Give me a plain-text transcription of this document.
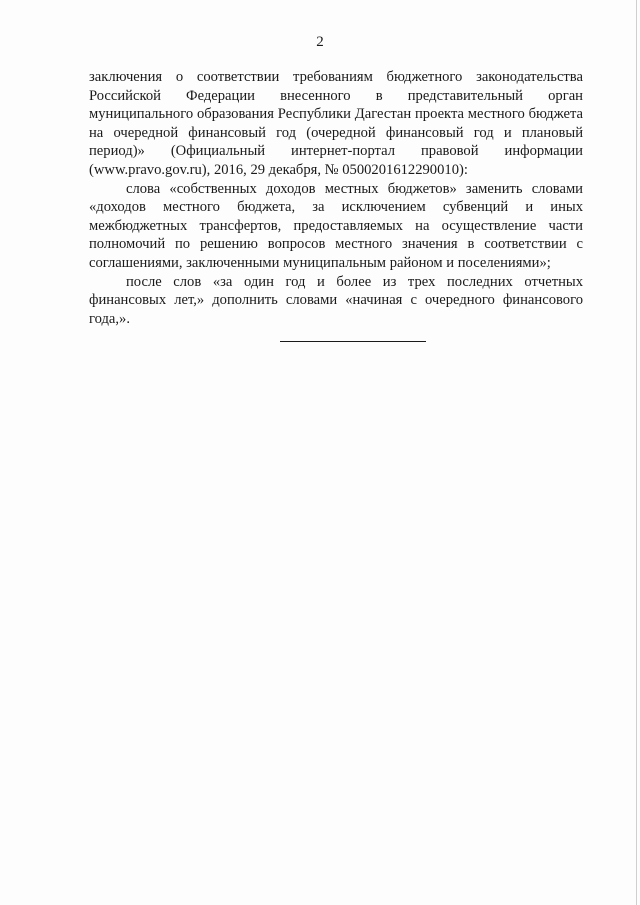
2

заключения о соответствии требованиям бюджетного законодательства Российской Федерации внесенного в представительный орган муниципального образования Республики Дагестан проекта местного бюджета на очередной финансовый год (очередной финансовый год и плановый период)» (Официальный интернет-портал правовой информации (www.pravo.gov.ru), 2016, 29 декабря, № 0500201612290010):

слова «собственных доходов местных бюджетов» заменить словами «доходов местного бюджета, за исключением субвенций и иных межбюджетных трансфертов, предоставляемых на осуществление части полномочий по решению вопросов местного значения в соответствии с соглашениями, заключенными муниципальным районом и поселениями»;

после слов «за один год и более из трех последних отчетных финансовых лет,» дополнить словами «начиная с очередного финансового года,».
